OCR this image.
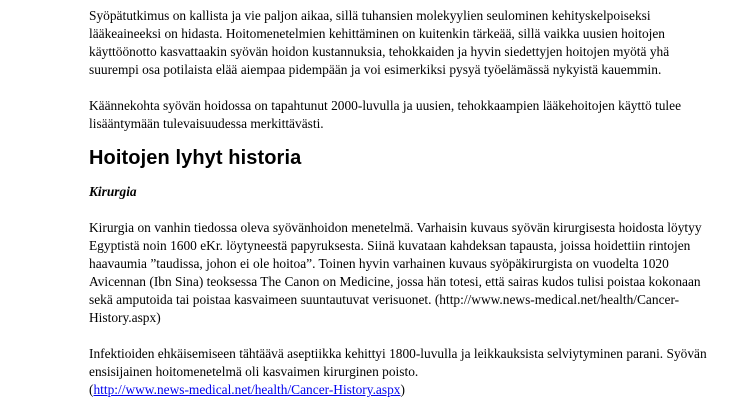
Syöpätutkimus on kallista ja vie paljon aikaa, sillä tuhansien molekyylien seulominen kehityskelpoiseksi lääkeaineeksi on hidasta. Hoitomenetelmien kehittäminen on kuitenkin tärkeää, sillä vaikka uusien hoitojen käyttöönotto kasvattaakin syövän hoidon kustannuksia, tehokkaiden ja hyvin siedettyjen hoitojen myötä yhä suurempi osa potilaista elää aiempaa pidempään ja voi esimerkiksi pysyä työelämässä nykyistä kauemmin.

Käännekohta syövän hoidossa on tapahtunut 2000-luvulla ja uusien, tehokkaampien lääkehoitojen käyttö tulee lisääntymään tulevaisuudessa merkittävästi.

Hoitojen lyhyt historia
Kirurgia

Kirurgia on vanhin tiedossa oleva syövänhoidon menetelmä. Varhaisin kuvaus syövän kirurgisesta hoidosta löytyy Egyptistä noin 1600 eKr. löytyneestä papyruksesta. Siinä kuvataan kahdeksan tapausta, joissa hoidettiin rintojen haavaumia ”taudissa, johon ei ole hoitoa”. Toinen hyvin varhainen kuvaus syöpäkirurgista on vuodelta 1020 Avicennan (Ibn Sina) teoksessa The Canon on Medicine, jossa hän totesi, että sairas kudos tulisi poistaa kokonaan sekä amputoida tai poistaa kasvaimeen suuntautuvat verisuonet. (http://www.news-medical.net/health/Cancer-History.aspx)

Infektioiden ehkäisemiseen tähtäävä aseptiikka kehittyi 1800-luvulla ja leikkauksista selviytyminen parani. Syövän ensisijainen hoitomenetelmä oli kasvaimen kirurginen poisto.
(http://www.news-medical.net/health/Cancer-History.aspx)
